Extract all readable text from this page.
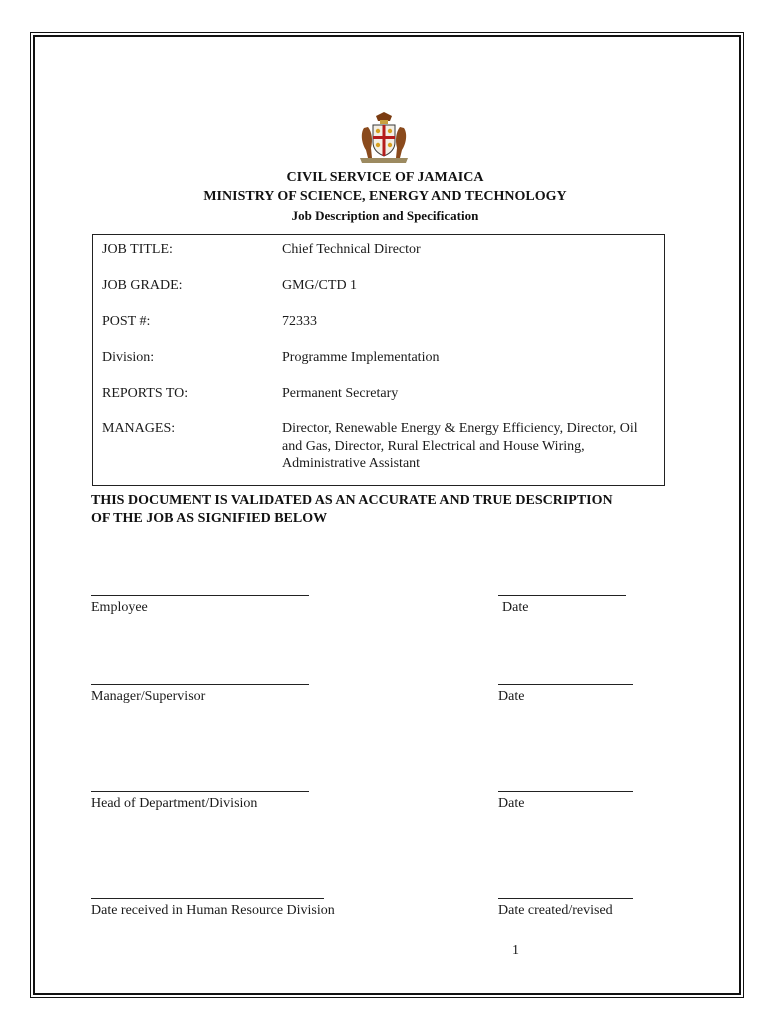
CIVIL SERVICE OF JAMAICA
MINISTRY OF SCIENCE, ENERGY AND TECHNOLOGY
Job Description and Specification
JOB TITLE:	Chief Technical Director
JOB GRADE:	GMG/CTD 1
POST #:	72333
Division:	Programme Implementation
REPORTS TO:	Permanent Secretary
MANAGES:	Director, Renewable Energy & Energy Efficiency, Director, Oil and Gas, Director, Rural Electrical and House Wiring, Administrative Assistant
THIS DOCUMENT IS VALIDATED AS AN ACCURATE AND TRUE DESCRIPTION
OF THE JOB AS SIGNIFIED BELOW
Employee	Date
Manager/Supervisor	Date
Head of Department/Division	Date
Date received in Human Resource Division	Date created/revised
1
